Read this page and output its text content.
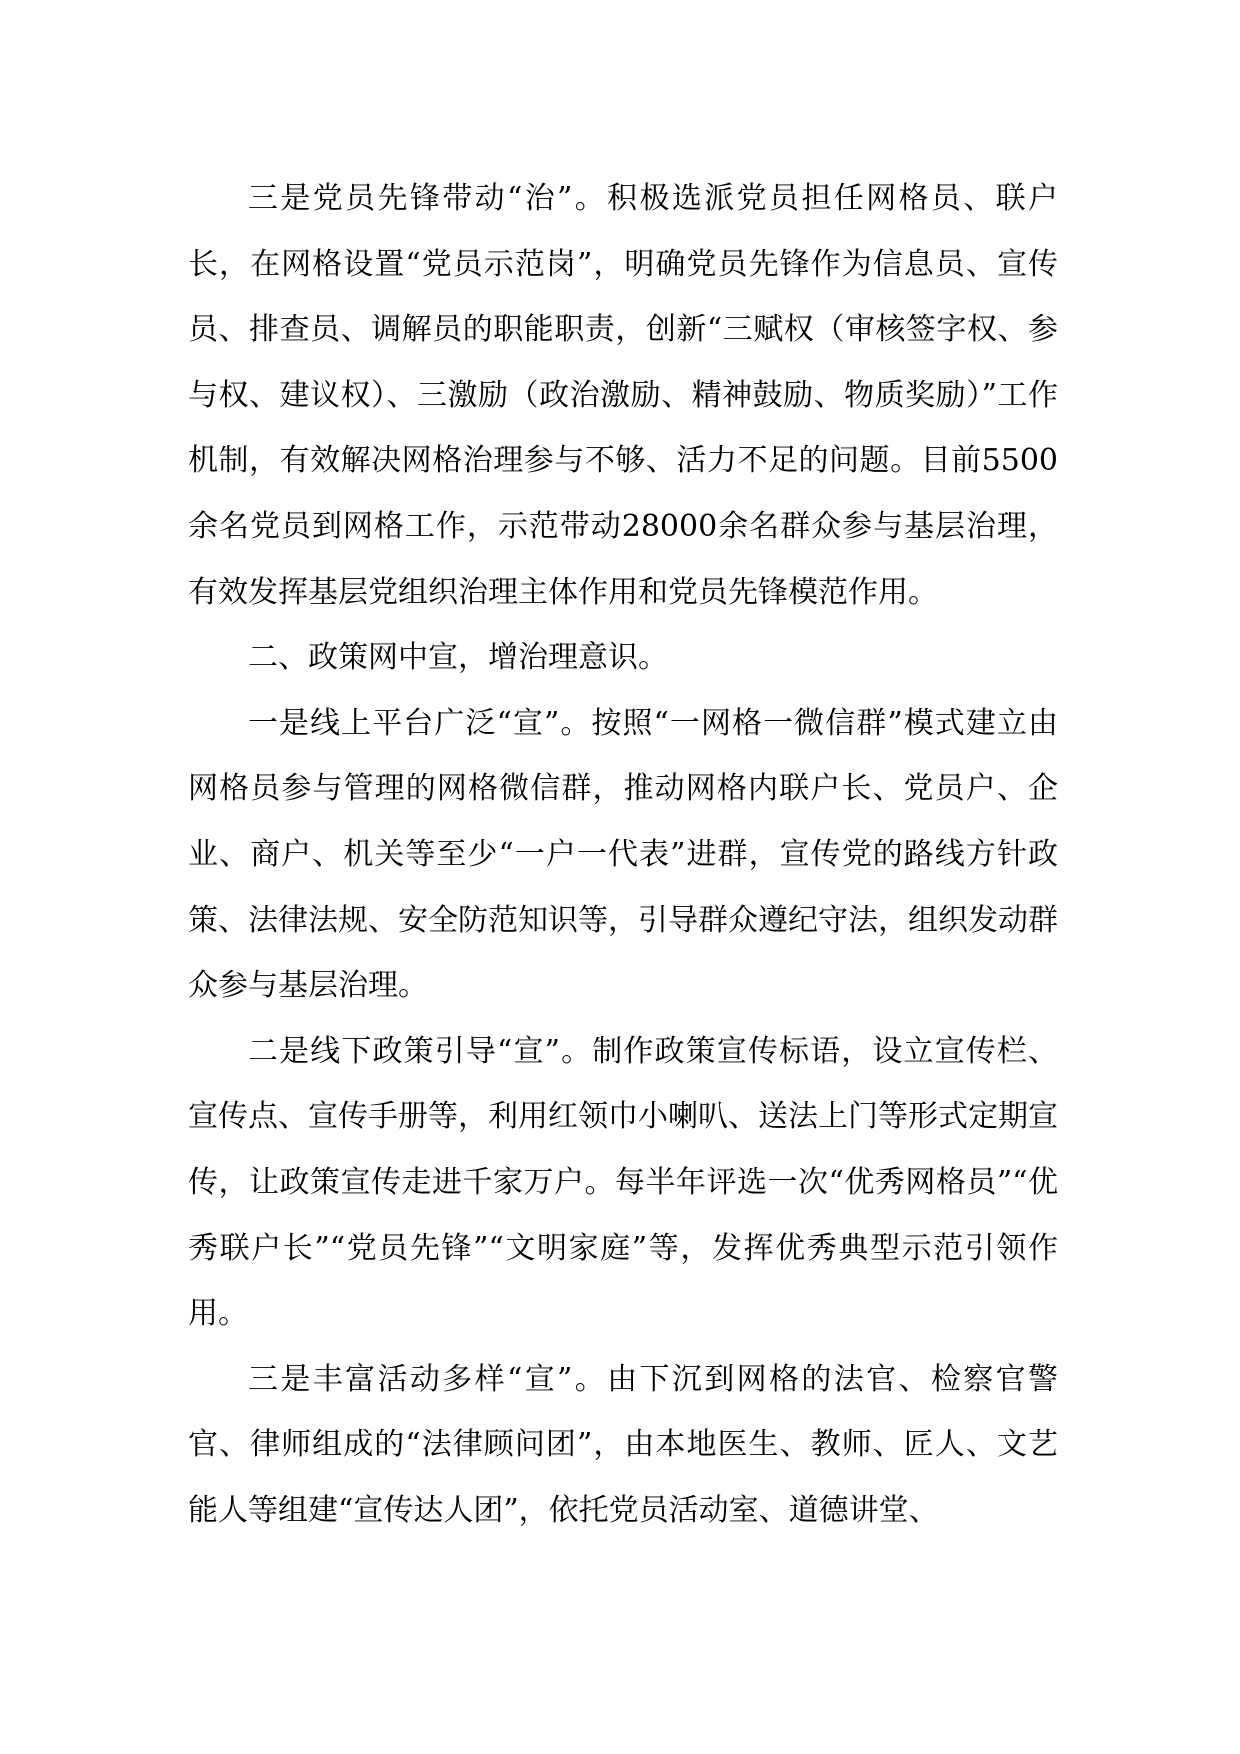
三是党员先锋带动“治”。积极选派党员担任网格员、联户长，在网格设置“党员示范岗”，明确党员先锋作为信息员、宣传员、排查员、调解员的职能职责，创新“三赋权（审核签字权、参与权、建议权）、三激励（政治激励、精神鼓励、物质奖励）”工作机制，有效解决网格治理参与不够、活力不足的问题。目前5500余名党员到网格工作，示范带动28000余名群众参与基层治理，有效发挥基层党组织治理主体作用和党员先锋模范作用。

二、政策网中宣，增治理意识。

一是线上平台广泛“宣”。按照“一网格一微信群”模式建立由网格员参与管理的网格微信群，推动网格内联户长、党员户、企业、商户、机关等至少“一户一代表”进群，宣传党的路线方针政策、法律法规、安全防范知识等，引导群众遵纪守法，组织发动群众参与基层治理。

二是线下政策引导“宣”。制作政策宣传标语，设立宣传栏、宣传点、宣传手册等，利用红领巾小喇叭、送法上门等形式定期宣传，让政策宣传走进千家万户。每半年评选一次“优秀网格员”“优秀联户长”“党员先锋”“文明家庭”等，发挥优秀典型示范引领作用。

三是丰富活动多样“宣”。由下沉到网格的法官、检察官警官、律师组成的“法律顾问团”，由本地医生、教师、匠人、文艺能人等组建“宣传达人团”，依托党员活动室、道德讲堂、
